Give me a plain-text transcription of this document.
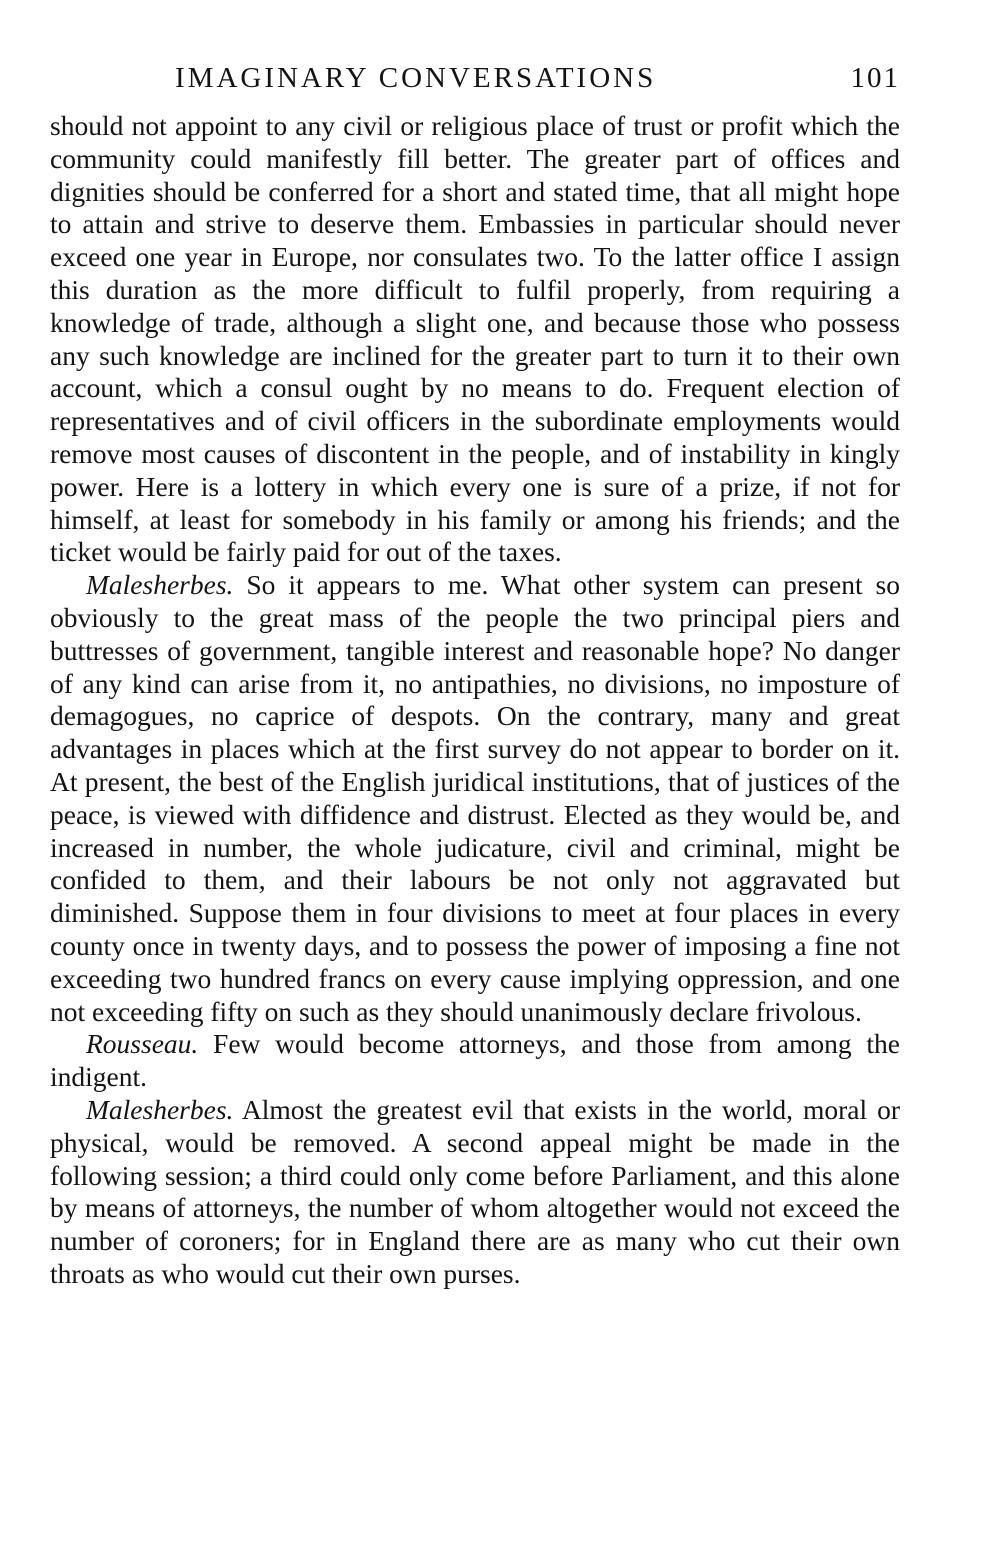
IMAGINARY CONVERSATIONS	101

should not appoint to any civil or religious place of trust or profit which the community could manifestly fill better. The greater part of offices and dignities should be conferred for a short and stated time, that all might hope to attain and strive to deserve them. Embassies in particular should never exceed one year in Europe, nor consulates two. To the latter office I assign this duration as the more difficult to fulfil properly, from requiring a knowledge of trade, although a slight one, and because those who possess any such knowledge are inclined for the greater part to turn it to their own account, which a consul ought by no means to do. Frequent election of representatives and of civil officers in the subordinate employments would remove most causes of discontent in the people, and of instability in kingly power. Here is a lottery in which every one is sure of a prize, if not for himself, at least for somebody in his family or among his friends; and the ticket would be fairly paid for out of the taxes.

Malesherbes. So it appears to me. What other system can present so obviously to the great mass of the people the two principal piers and buttresses of government, tangible interest and reasonable hope? No danger of any kind can arise from it, no antipathies, no divisions, no imposture of demagogues, no caprice of despots. On the contrary, many and great advantages in places which at the first survey do not appear to border on it. At present, the best of the English juridical institutions, that of justices of the peace, is viewed with diffidence and distrust. Elected as they would be, and increased in number, the whole judicature, civil and criminal, might be confided to them, and their labours be not only not aggravated but diminished. Suppose them in four divisions to meet at four places in every county once in twenty days, and to possess the power of imposing a fine not exceeding two hundred francs on every cause implying oppression, and one not exceeding fifty on such as they should unanimously declare frivolous.

Rousseau. Few would become attorneys, and those from among the indigent.

Malesherbes. Almost the greatest evil that exists in the world, moral or physical, would be removed. A second appeal might be made in the following session; a third could only come before Parliament, and this alone by means of attorneys, the number of whom altogether would not exceed the number of coroners; for in England there are as many who cut their own throats as who would cut their own purses.
